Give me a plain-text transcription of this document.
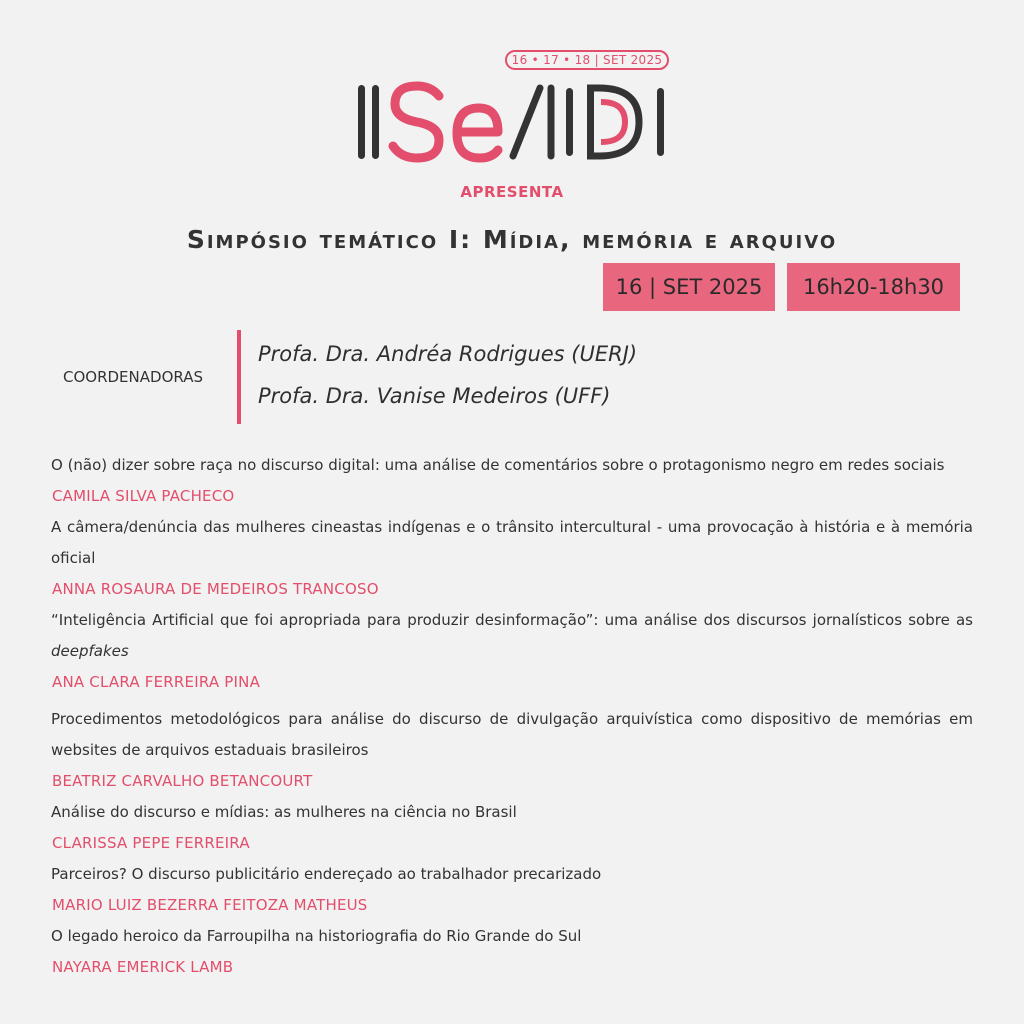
16 • 17 • 18 | SET 2025
APRESENTA
Simpósio temático I: Mídia, memória e arquivo
16 | SET 2025	16h20-18h30
COORDENADORAS
Profa. Dra. Andréa Rodrigues (UERJ)
Profa. Dra. Vanise Medeiros (UFF)

O (não) dizer sobre raça no discurso digital: uma análise de comentários sobre o protagonismo negro em redes sociais

CAMILA SILVA PACHECO

A câmera/denúncia das mulheres cineastas indígenas e o trânsito intercultural - uma provocação à história e à memória oficial

ANNA ROSAURA DE MEDEIROS TRANCOSO

“Inteligência Artificial que foi apropriada para produzir desinformação”: uma análise dos discursos jornalísticos sobre as deepfakes

ANA CLARA FERREIRA PINA

Procedimentos metodológicos para análise do discurso de divulgação arquivística como dispositivo de memórias em websites de arquivos estaduais brasileiros

BEATRIZ CARVALHO BETANCOURT

Análise do discurso e mídias: as mulheres na ciência no Brasil

CLARISSA PEPE FERREIRA

Parceiros? O discurso publicitário endereçado ao trabalhador precarizado

MARIO LUIZ BEZERRA FEITOZA MATHEUS

O legado heroico da Farroupilha na historiografia do Rio Grande do Sul

NAYARA EMERICK LAMB
